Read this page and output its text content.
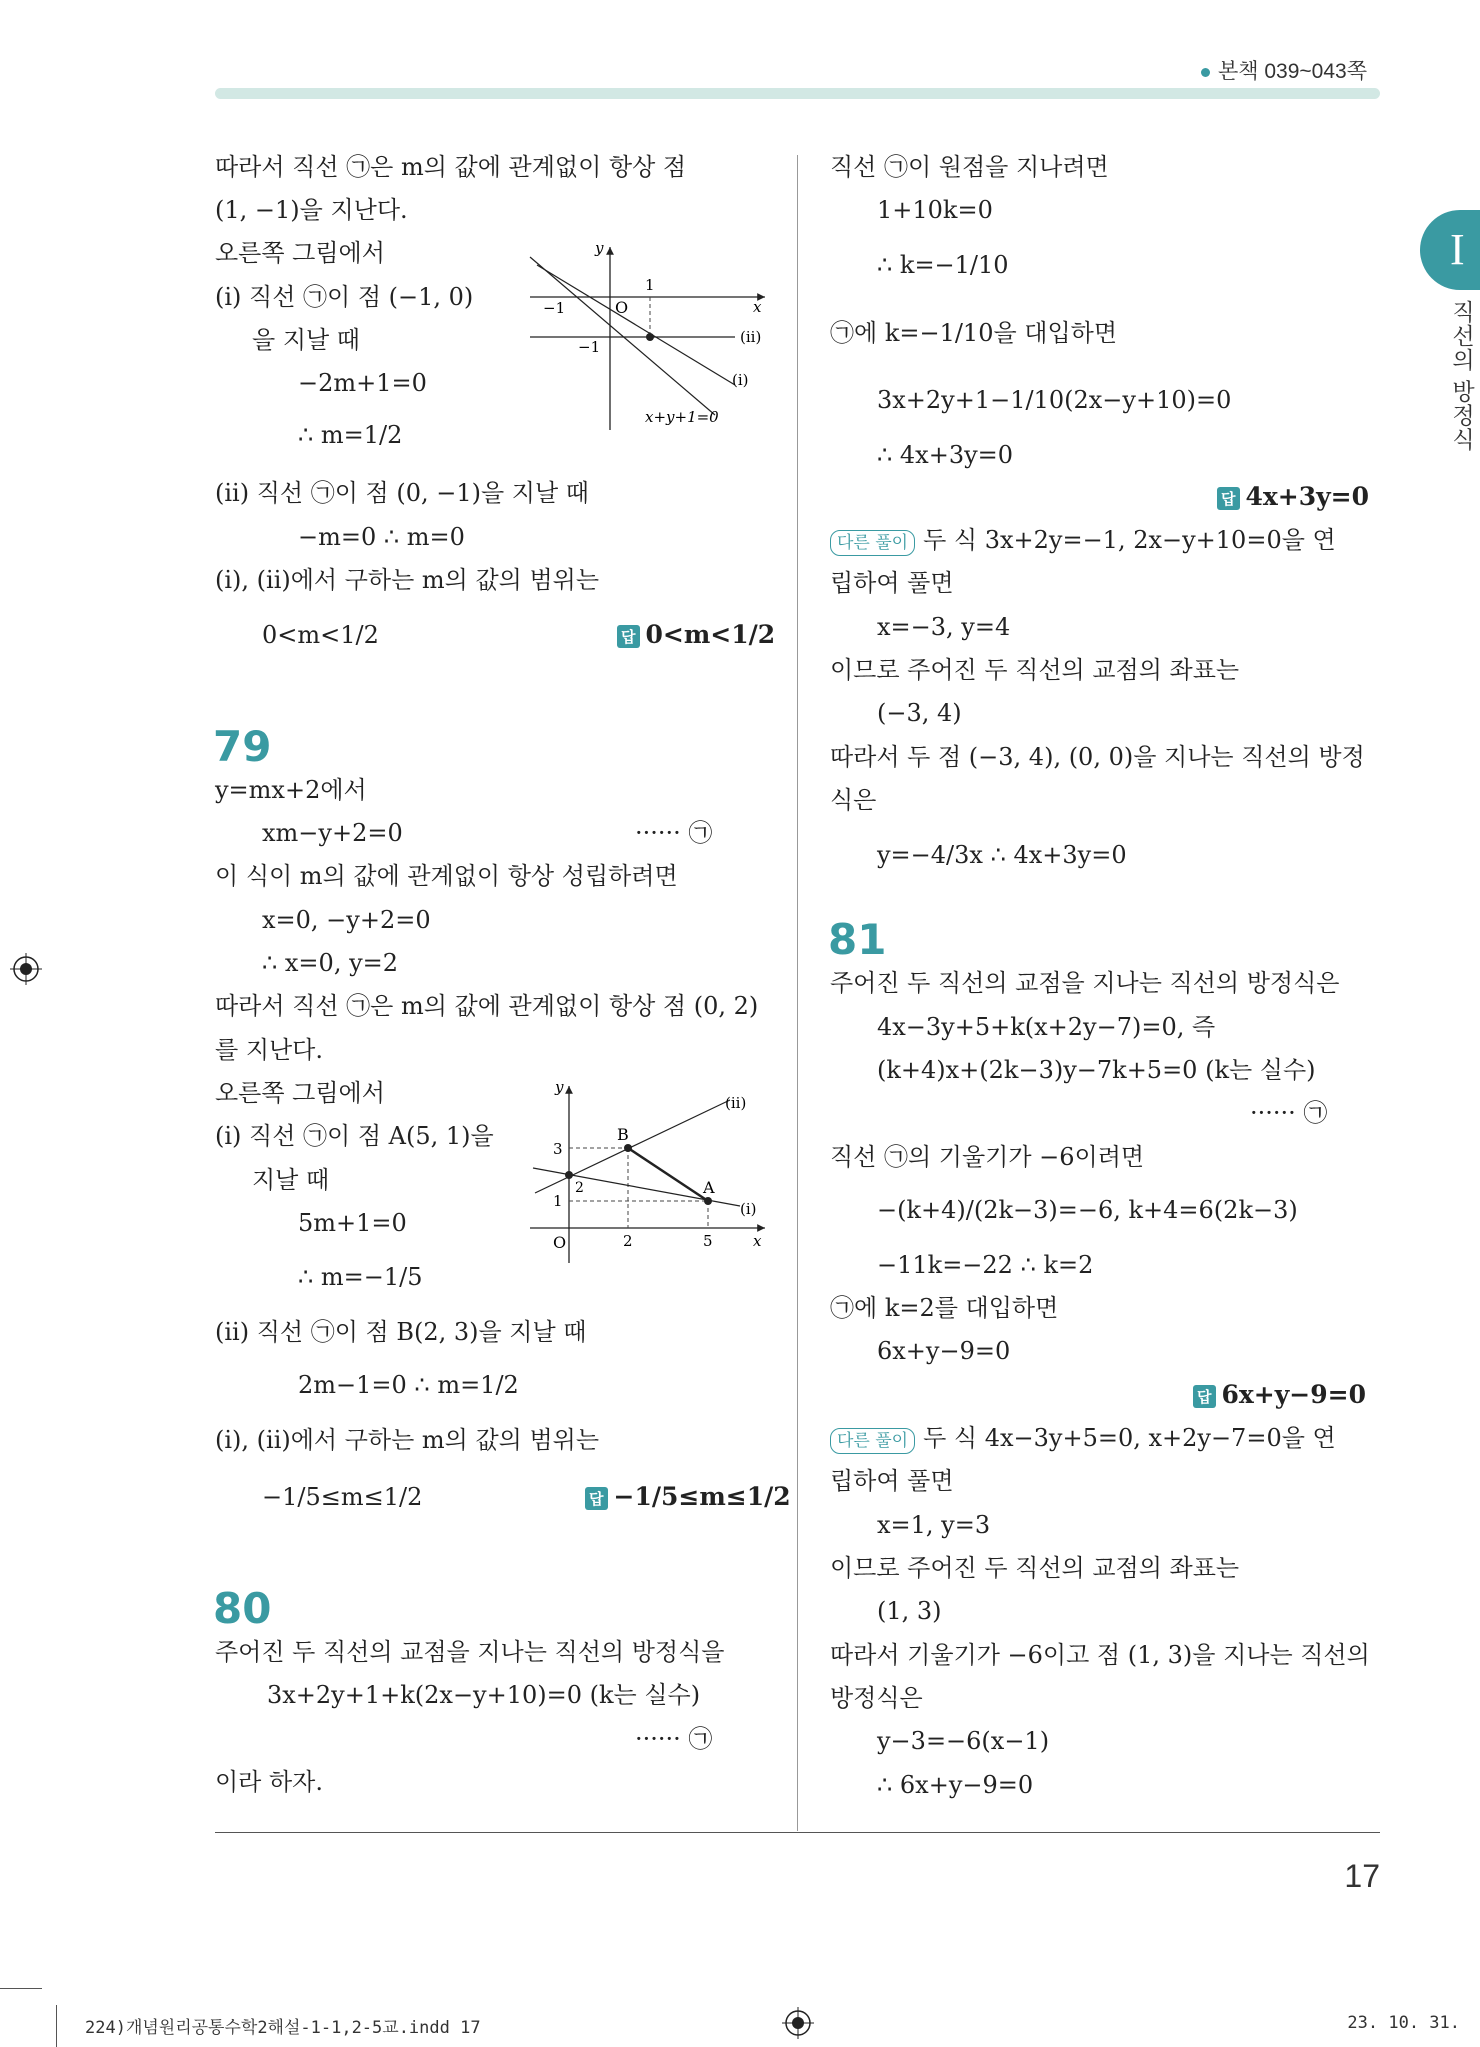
본책 039~043쪽
I
직선의 방정식
17
따라서 직선 ㉠은 m의 값에 관계없이 항상 점
(1, −1)을 지난다.
오른쪽 그림에서
(i) 직선 ㉠이 점 (−1, 0)
을 지날 때
−2m+1=0
∴ m=1/2
(ii) 직선 ㉠이 점 (0, −1)을 지날 때
−m=0 ∴ m=0
(i), (ii)에서 구하는 m의 값의 범위는
0<m<1/2	답 0<m<1/2
y
x
O
1
−1
−1
(ii)
(i)
x+y+1=0
79
y=mx+2에서
xm−y+2=0	······ ㉠
이 식이 m의 값에 관계없이 항상 성립하려면
x=0, −y+2=0
∴ x=0, y=2
따라서 직선 ㉠은 m의 값에 관계없이 항상 점 (0, 2)
를 지난다.
오른쪽 그림에서
(i) 직선 ㉠이 점 A(5, 1)을
지날 때
5m+1=0
∴ m=−1/5
(ii) 직선 ㉠이 점 B(2, 3)을 지날 때
2m−1=0 ∴ m=1/2
(i), (ii)에서 구하는 m의 값의 범위는
−1/5≤m≤1/2	답 −1/5≤m≤1/2
y
x
O
(ii)
(i)
B
A
3
2
1
2	5
80
주어진 두 직선의 교점을 지나는 직선의 방정식을
3x+2y+1+k(2x−y+10)=0 (k는 실수)
······ ㉠
이라 하자.
직선 ㉠이 원점을 지나려면
1+10k=0
∴ k=−1/10
㉠에 k=−1/10을 대입하면
3x+2y+1−1/10(2x−y+10)=0
∴ 4x+3y=0
답 4x+3y=0
다른 풀이 두 식 3x+2y=−1, 2x−y+10=0을 연
립하여 풀면
x=−3, y=4
이므로 주어진 두 직선의 교점의 좌표는
(−3, 4)
따라서 두 점 (−3, 4), (0, 0)을 지나는 직선의 방정
식은
y=−4/3x ∴ 4x+3y=0
81
주어진 두 직선의 교점을 지나는 직선의 방정식은
4x−3y+5+k(x+2y−7)=0, 즉
(k+4)x+(2k−3)y−7k+5=0 (k는 실수)
······ ㉠
직선 ㉠의 기울기가 −6이려면
−(k+4)/(2k−3)=−6, k+4=6(2k−3)
−11k=−22 ∴ k=2
㉠에 k=2를 대입하면
6x+y−9=0
답 6x+y−9=0
다른 풀이 두 식 4x−3y+5=0, x+2y−7=0을 연
립하여 풀면
x=1, y=3
이므로 주어진 두 직선의 교점의 좌표는
(1, 3)
따라서 기울기가 −6이고 점 (1, 3)을 지나는 직선의
방정식은
y−3=−6(x−1)
∴ 6x+y−9=0
224)개념원리공통수학2해설-1-1,2-5교.indd 17	23. 10. 31.
